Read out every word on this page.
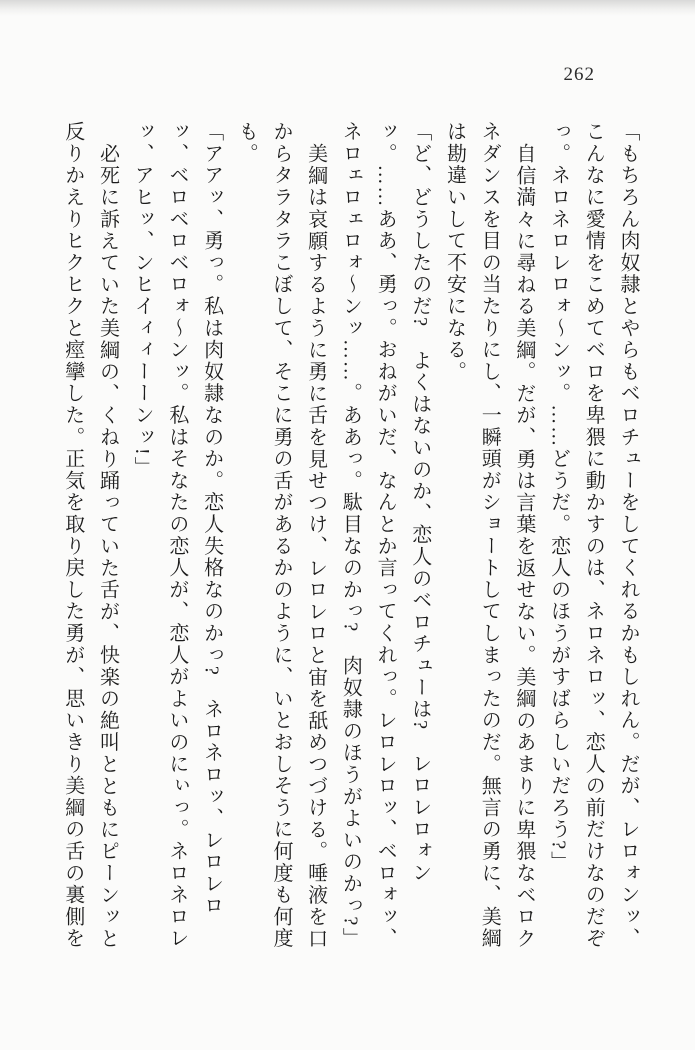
262

「もちろん肉奴隷とやらもベロチューをしてくれるかもしれん。だが、レロォンッ、こんなに愛情をこめてベロを卑猥に動かすのは、ネロネロッ、恋人の前だけなのだぞっ。ネロネロレロォ〜ンッ。……どうだ。恋人のほうがすばらしいだろう?」

自信満々に尋ねる美綱。だが、勇は言葉を返せない。美綱のあまりに卑猥なベロクネダンスを目の当たりにし、一瞬頭がショートしてしまったのだ。無言の勇に、美綱は勘違いして不安になる。

「ど、どうしたのだ?　よくはないのか、恋人のベロチューは?　レロレロォンッ。……ああ、勇っ。おねがいだ、なんとか言ってくれっ。レロレロッ、ベロォッ、ネロェロェロォ〜ンッ……。ああっ。駄目なのかっ?　肉奴隷のほうがよいのかっ?」

美綱は哀願するように勇に舌を見せつけ、レロレロと宙を舐めつづける。唾液を口からタラタラこぼして、そこに勇の舌があるかのように、いとおしそうに何度も何度も。

「アアッ、勇っ。私は肉奴隷なのか。恋人失格なのかっ?　ネロネロッ、レロレロッ、ベロベロベロォ〜ンッ。私はそなたの恋人が、恋人がよいのにぃっ。ネロネロレッ、アヒッ、ンヒイィィーーンッ!」

必死に訴えていた美綱の、くねり踊っていた舌が、快楽の絶叫とともにピーンッと反りかえりヒクヒクと痙攣した。正気を取り戻した勇が、思いきり美綱の舌の裏側を
